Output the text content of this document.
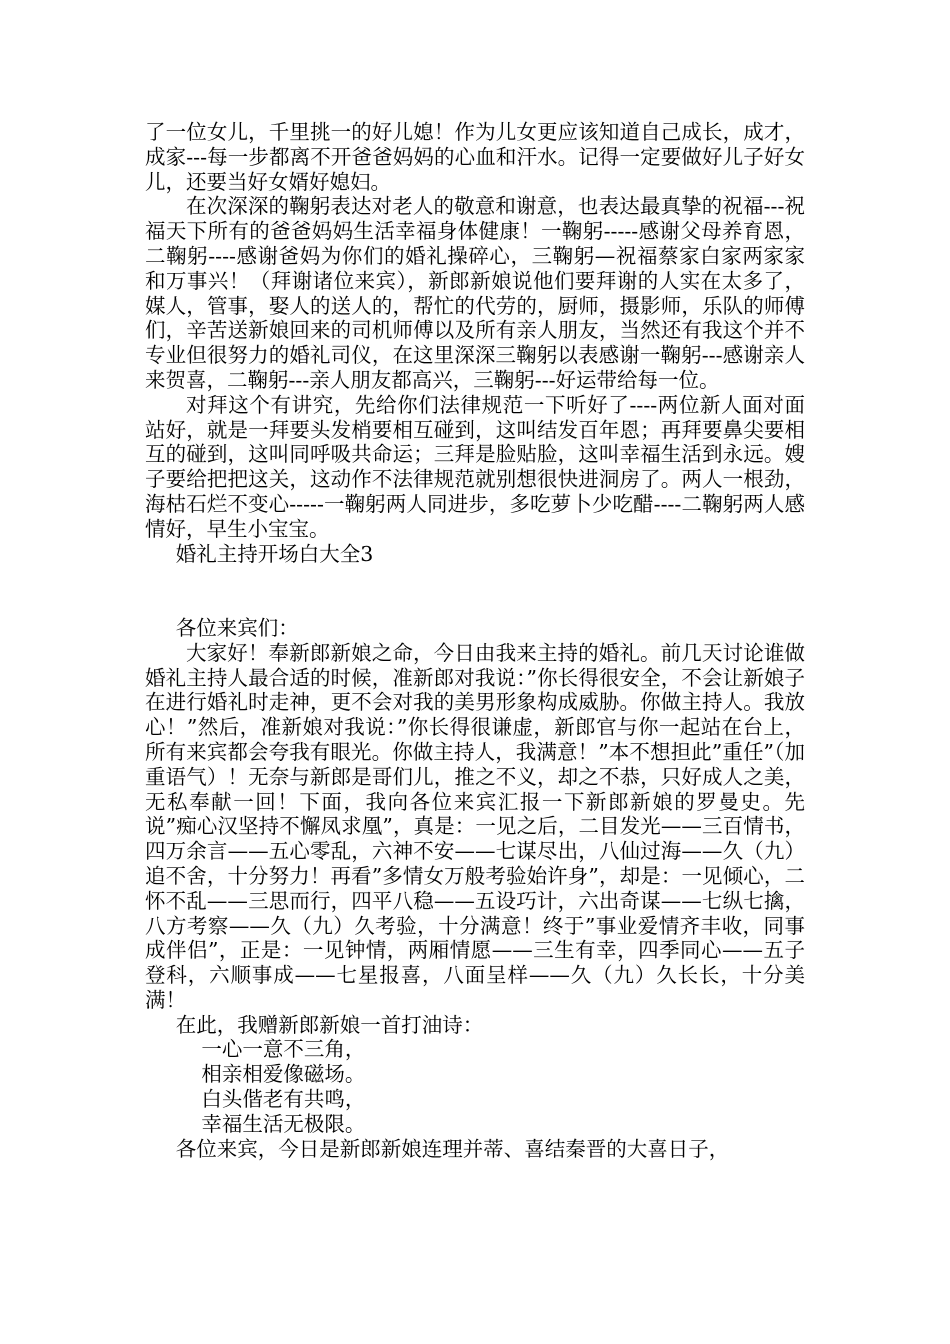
了一位女儿，千里挑一的好儿媳！作为儿女更应该知道自己成长，成才，成家---每一步都离不开爸爸妈妈的心血和汗水。记得一定要做好儿子好女儿，还要当好女婿好媳妇。

在次深深的鞠躬表达对老人的敬意和谢意，也表达最真挚的祝福---祝福天下所有的爸爸妈妈生活幸福身体健康！一鞠躬-----感谢父母养育恩，二鞠躬----感谢爸妈为你们的婚礼操碎心，三鞠躬—祝福蔡家白家两家家和万事兴！（拜谢诸位来宾），新郎新娘说他们要拜谢的人实在太多了，媒人，管事，娶人的送人的，帮忙的代劳的，厨师，摄影师，乐队的师傅们，辛苦送新娘回来的司机师傅以及所有亲人朋友，当然还有我这个并不专业但很努力的婚礼司仪，在这里深深三鞠躬以表感谢一鞠躬---感谢亲人来贺喜，二鞠躬---亲人朋友都高兴，三鞠躬---好运带给每一位。

对拜这个有讲究，先给你们法律规范一下听好了----两位新人面对面站好，就是一拜要头发梢要相互碰到，这叫结发百年恩；再拜要鼻尖要相互的碰到，这叫同呼吸共命运；三拜是脸贴脸，这叫幸福生活到永远。嫂子要给把把这关，这动作不法律规范就别想很快进洞房了。两人一根劲，海枯石烂不变心-----一鞠躬两人同进步，多吃萝卜少吃醋----二鞠躬两人感情好，早生小宝宝。

婚礼主持开场白大全3

各位来宾们：

大家好！奉新郎新娘之命，今日由我来主持的婚礼。前几天讨论谁做婚礼主持人最合适的时候，准新郎对我说：”你长得很安全，不会让新娘子在进行婚礼时走神，更不会对我的美男形象构成威胁。你做主持人。我放心！”然后，准新娘对我说：”你长得很谦虚，新郎官与你一起站在台上，所有来宾都会夸我有眼光。你做主持人，我满意！”本不想担此”重任”（加重语气）！无奈与新郎是哥们儿，推之不义，却之不恭，只好成人之美，无私奉献一回！下面，我向各位来宾汇报一下新郎新娘的罗曼史。先说”痴心汉坚持不懈凤求凰”，真是：一见之后，二目发光——三百情书，四万余言——五心零乱，六神不安——七谋尽出，八仙过海——久（九）追不舍，十分努力！再看”多情女万般考验始许身”，却是：一见倾心，二怀不乱——三思而行，四平八稳——五设巧计，六出奇谋——七纵七擒，八方考察——久（九）久考验，十分满意！终于”事业爱情齐丰收，同事成伴侣”，正是：一见钟情，两厢情愿——三生有幸，四季同心——五子登科，六顺事成——七星报喜，八面呈样——久（九）久长长，十分美满！

在此，我赠新郎新娘一首打油诗：

一心一意不三角，

相亲相爱像磁场。

白头偕老有共鸣，

幸福生活无极限。

各位来宾，今日是新郎新娘连理并蒂、喜结秦晋的大喜日子，
